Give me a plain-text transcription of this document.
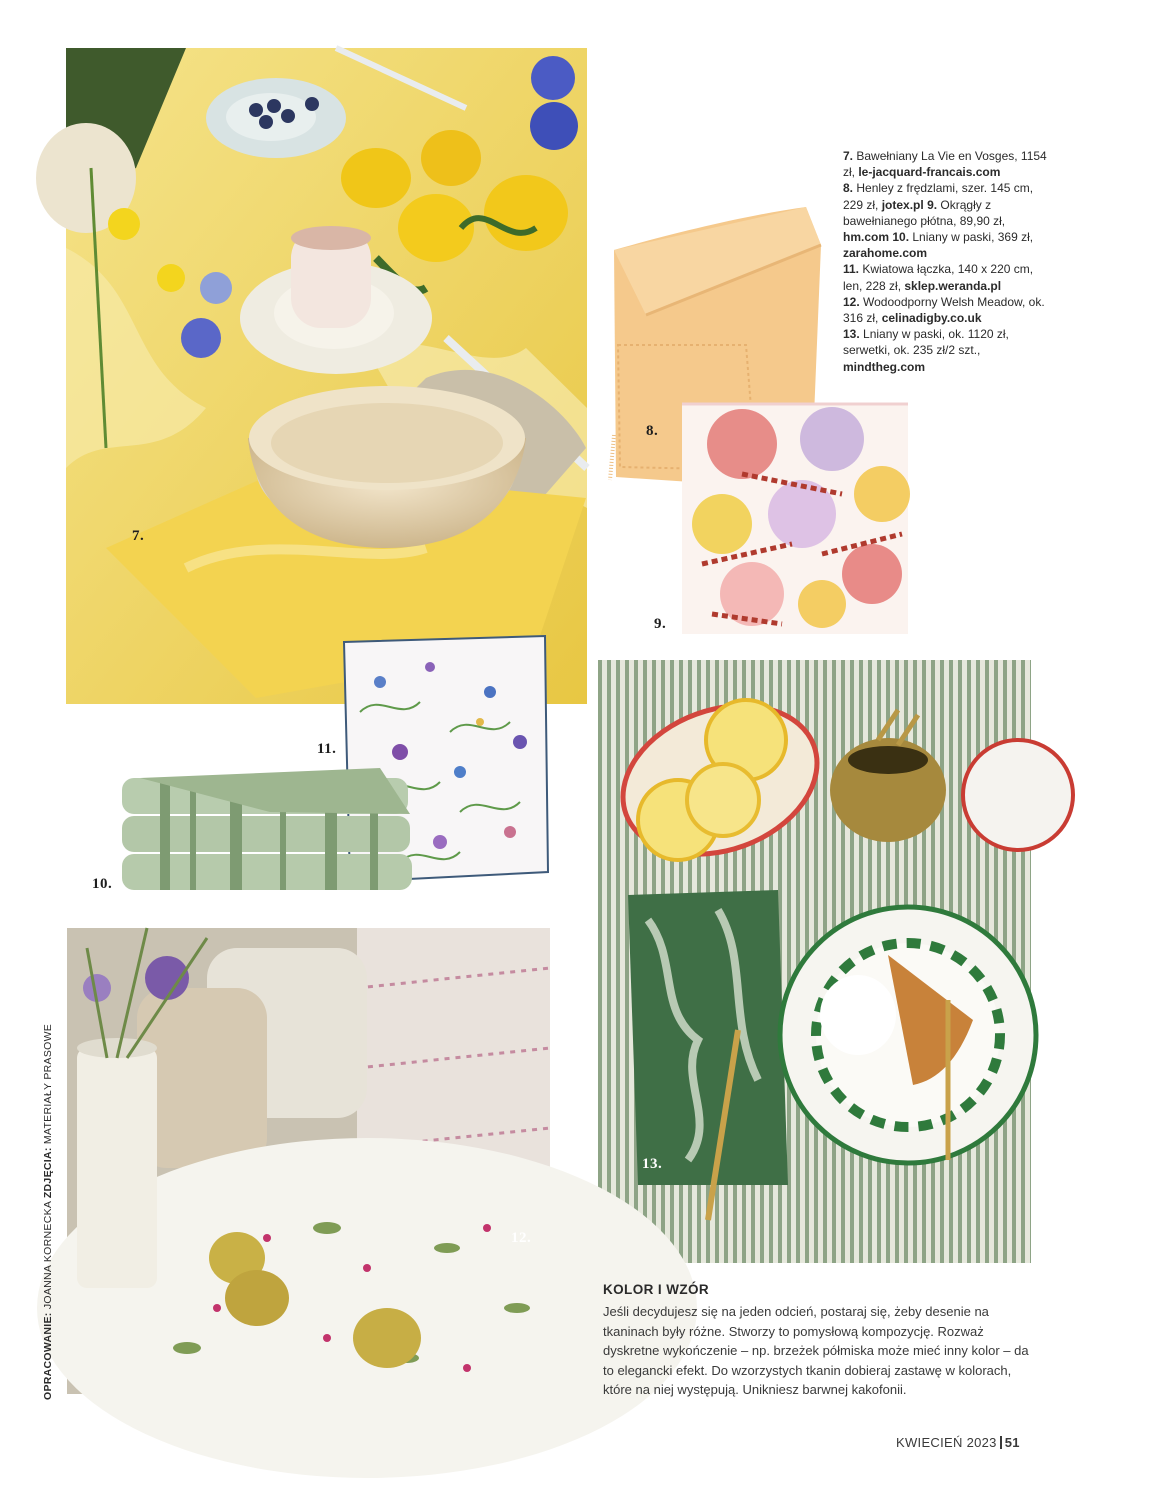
7.
7. Bawełniany La Vie en Vosges, 1154 zł, le-jacquard-francais.com
8. Henley z frędzlami, szer. 145 cm, 229 zł, jotex.pl 9. Okrągły z bawełnianego płótna, 89,90 zł, hm.com 10. Lniany w paski, 369 zł, zarahome.com
11. Kwiatowa łączka, 140 x 220 cm, len, 228 zł, sklep.weranda.pl
12. Wodoodporny Welsh Meadow, ok. 316 zł, celinadigby.co.uk
13. Lniany w paski, ok. 1120 zł, serwetki, ok. 235 zł/2 szt., mindtheg.com
8.
9.
11.
10.
13.
13.
12.
OPRACOWANIE: JOANNA KORNECKA ZDJĘCIA: MATERIAŁY PRASOWE
KOLOR I WZÓR
Jeśli decydujesz się na jeden odcień, postaraj się, żeby desenie na tkaninach były różne. Stworzy to pomysłową kompozycję. Rozważ dyskretne wykończenie – np. brzeżek półmiska może mieć inny kolor – da to elegancki efekt. Do wzorzystych tkanin dobieraj zastawę w kolorach, które na niej występują. Unikniesz barwnej kakofonii.
KWIECIEŃ 2023 51
